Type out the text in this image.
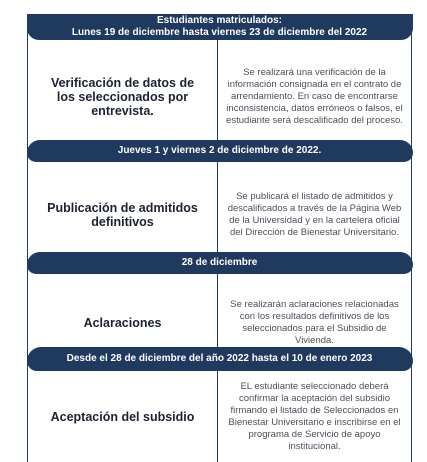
Estudiantes matriculados:
Lunes 19 de diciembre hasta viernes 23 de diciembre del 2022
Verificación de datos de los seleccionados por entrevista.
Se realizará una verificación de la información consignada en el contrato de arrendamiento. En caso de encontrarse inconsistencia, datos erróneos o falsos, el estudiante será descalificado del proceso.
Jueves 1 y viernes 2 de diciembre de 2022.
Publicación de admitidos definitivos
Se publicará el listado de admitidos y descalificados a través de la Página Web de la Universidad y en la cartelera oficial del Dirección de Bienestar Universitario.
28 de diciembre
Aclaraciones
Se realizarán aclaraciones relacionadas con los resultados definitivos de los seleccionados para el Subsidio de Vivienda.
Desde el 28 de diciembre del año 2022 hasta el 10 de enero 2023
Aceptación del subsidio
EL estudiante seleccionado deberá confirmar la aceptación del subsidio firmando el listado de Seleccionados en Bienestar Universitario e inscribirse en el programa de Servicio de apoyo institucional.
